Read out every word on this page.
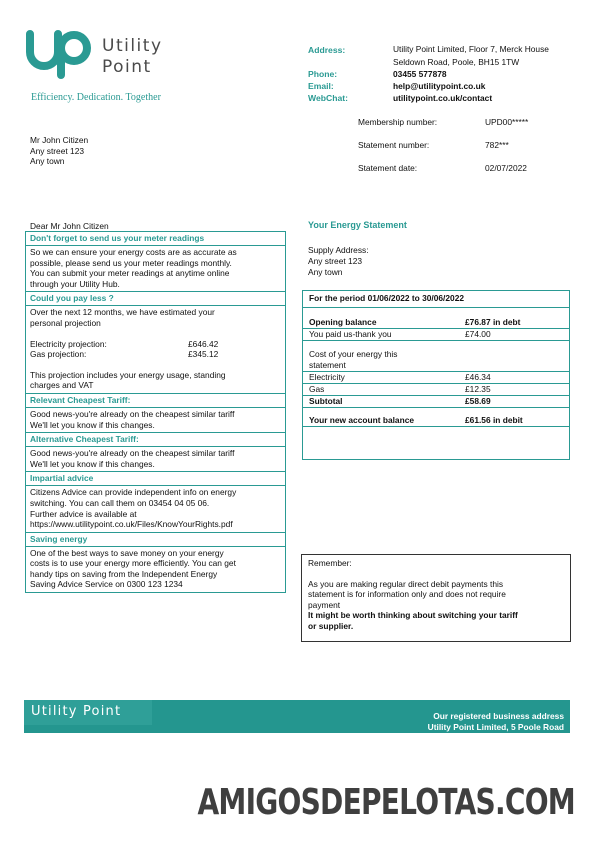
Utility
Point
Efficiency. Dedication. Together
Address:	Utility Point Limited, Floor 7, Merck House
Seldown Road, Poole, BH15 1TW
Phone:	03455 577878
Email:	help@utilitypoint.co.uk
WebChat:	utilitypoint.co.uk/contact
Membership number:	UPD00*****
Statement number:	782***
Statement date:	02/07/2022
Mr John Citizen
Any street 123
Any town
Dear Mr John Citizen
Don't forget to send us your meter readings
So we can ensure your energy costs are as accurate as
possible, please send us your meter readings monthly.
You can submit your meter readings at anytime online
through your Utility Hub.
Could you pay less ?
Over the next 12 months, we have estimated your
personal projection
Electricity projection:	£646.42
Gas projection:	£345.12
This projection includes your energy usage, standing
charges and VAT
Relevant Cheapest Tariff:
Good news-you're already on the cheapest similar tariff
We'll let you know if this changes.
Alternative Cheapest Tariff:
Good news-you're already on the cheapest similar tariff
We'll let you know if this changes.
Impartial advice
Citizens Advice can provide independent info on energy
switching. You can call them on 03454 04 05 06.
Further advice is available at
https://www.utilitypoint.co.uk/Files/KnowYourRights.pdf
Saving energy
One of the best ways to save money on your energy
costs is to use your energy more efficiently. You can get
handy tips on saving from the Independent Energy
Saving Advice Service on 0300 123 1234
Your Energy Statement
Supply Address:
Any street 123
Any town
For the period 01/06/2022 to 30/06/2022
Opening balance	£76.87 in debt
You paid us-thank you	£74.00
Cost of your energy this
statement
Electricity	£46.34
Gas	£12.35
Subtotal	£58.69
Your new account balance	£61.56 in debit
Remember:
As you are making regular direct debit payments this
statement is for information only and does not require
payment
It might be worth thinking about switching your tariff
or supplier.
Utility Point	Our registered business address
Utility Point Limited, 5 Poole Road
AMIGOSDEPELOTAS.COM
